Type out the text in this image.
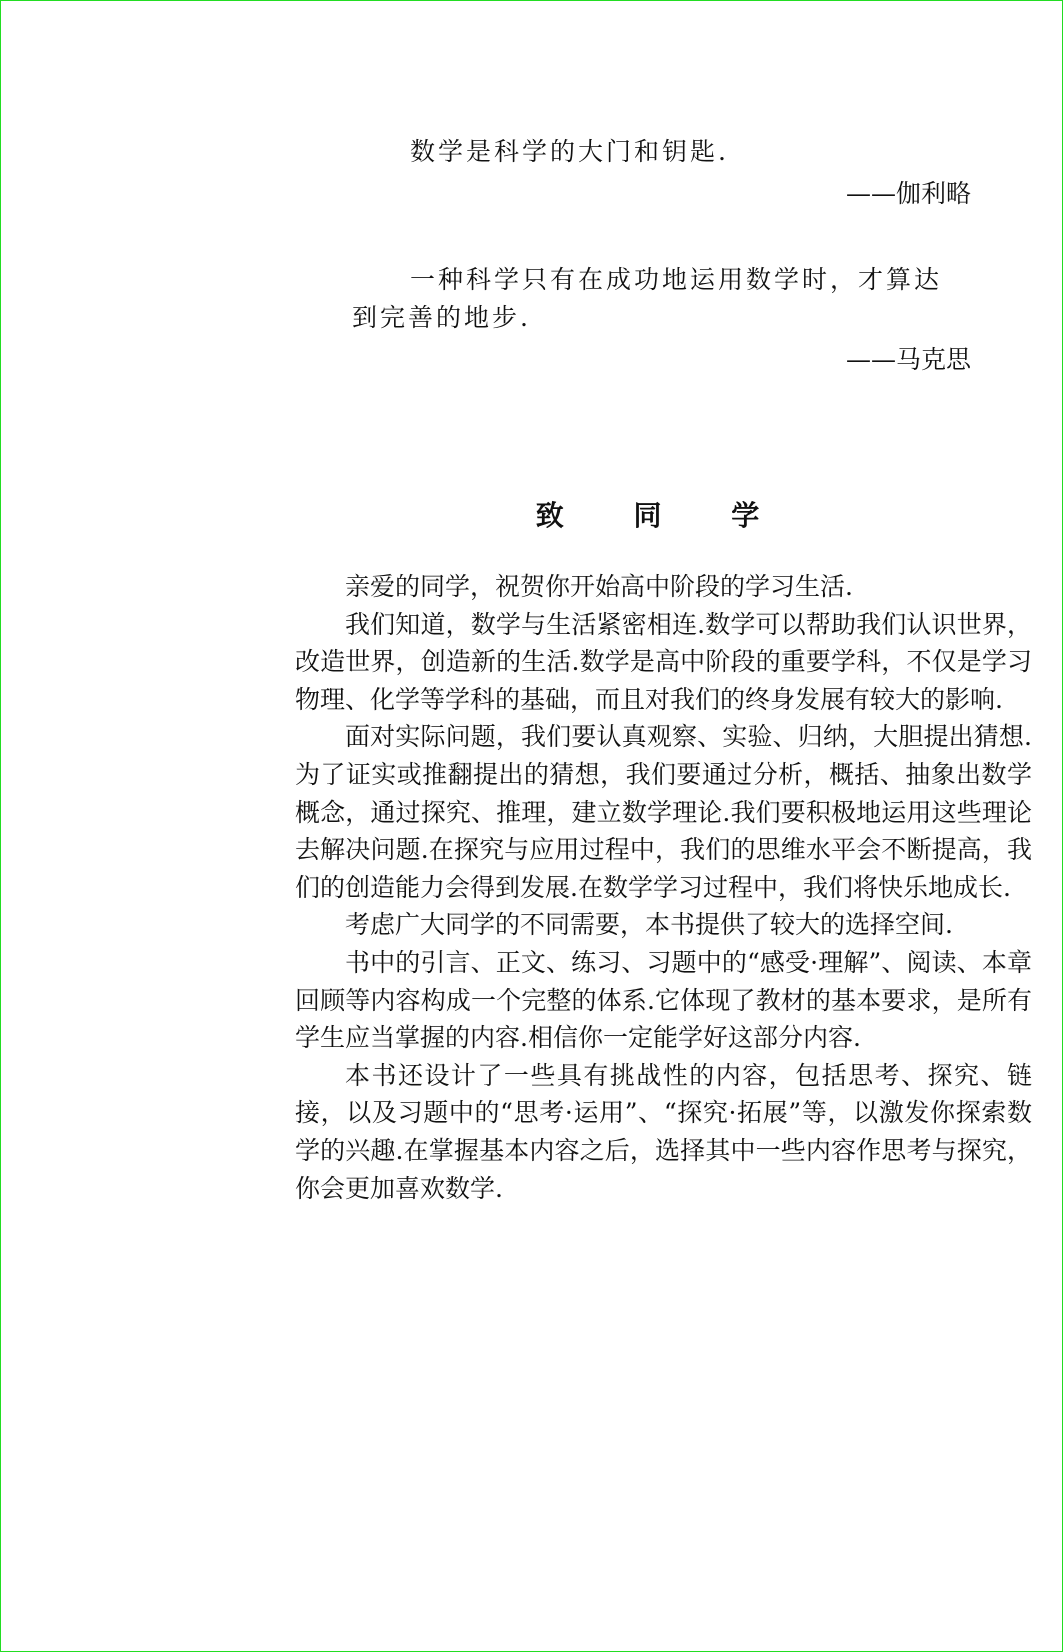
数学是科学的大门和钥匙.
——伽利略
一种科学只有在成功地运用数学时，才算达
到完善的地步.
——马克思
致 同 学

亲爱的同学，祝贺你开始高中阶段的学习生活.

我们知道，数学与生活紧密相连.数学可以帮助我们认识世界，改造世界，创造新的生活.数学是高中阶段的重要学科，不仅是学习物理、化学等学科的基础，而且对我们的终身发展有较大的影响.

面对实际问题，我们要认真观察、实验、归纳，大胆提出猜想.为了证实或推翻提出的猜想，我们要通过分析，概括、抽象出数学概念，通过探究、推理，建立数学理论.我们要积极地运用这些理论去解决问题.在探究与应用过程中，我们的思维水平会不断提高，我们的创造能力会得到发展.在数学学习过程中，我们将快乐地成长.

考虑广大同学的不同需要，本书提供了较大的选择空间.

书中的引言、正文、练习、习题中的“感受·理解”、阅读、本章回顾等内容构成一个完整的体系.它体现了教材的基本要求，是所有学生应当掌握的内容.相信你一定能学好这部分内容.

本书还设计了一些具有挑战性的内容，包括思考、探究、链接，以及习题中的“思考·运用”、“探究·拓展”等，以激发你探索数学的兴趣.在掌握基本内容之后，选择其中一些内容作思考与探究，你会更加喜欢数学.
